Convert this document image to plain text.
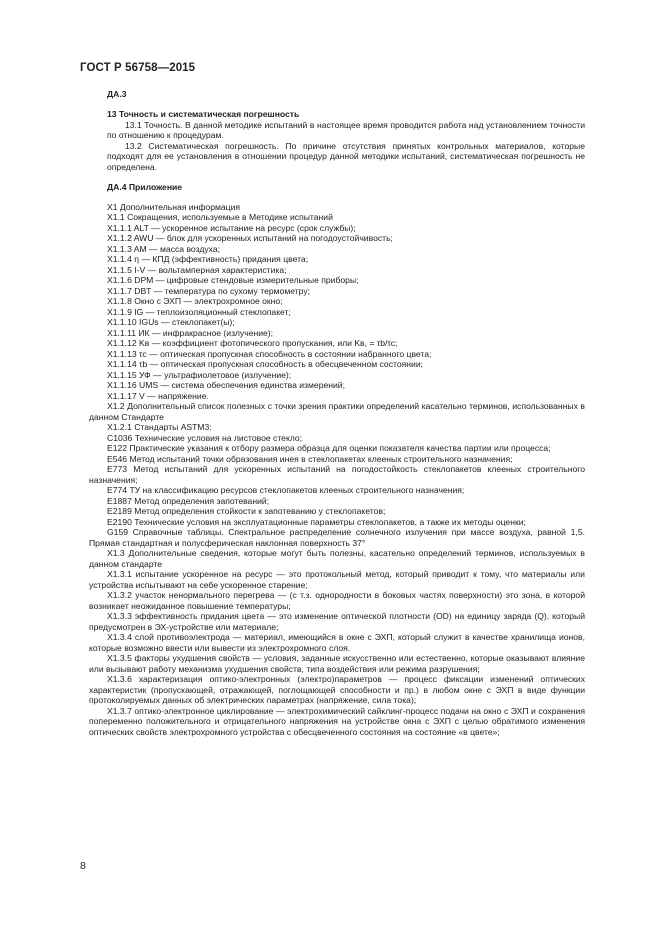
ГОСТ Р 56758—2015
ДА.3

13 Точность и систематическая погрешность

13.1 Точность. В данной методике испытаний в настоящее время проводится работа над установлением точности по отношению к процедурам.

13.2 Систематическая погрешность. По причине отсутствия принятых контрольных материалов, которые подходят для ее установления в отношении процедур данной методики испытаний, систематическая погрешность не определена.

ДА.4 Приложение

X1 Дополнительная информация

X1.1 Сокращения, используемые в Методике испытаний

X1.1.1 ALT — ускоренное испытание на ресурс (срок службы);

X1.1.2 AWU — блок для ускоренных испытаний на погодоустойчивость;

X1.1.3 AM — масса воздуха;

X1.1.4 η — КПД (эффективность) придания цвета;

X1.1.5 I-V — вольтамперная характеристика;

X1.1.6 DPM — цифровые стендовые измерительные приборы;

X1.1.7 DBT — температура по сухому термометру;

X1.1.8 Окно с ЭХП — электрохромное окно;

X1.1.9 IG — теплоизоляционный стеклопакет;

X1.1.10 IGUs — стеклопакет(ы);

X1.1.11 ИК — инфракрасное (излучение);

X1.1.12 Kв — коэффициент фотопического пропускания, или Kв, = τb/τc;

X1.1.13 τc — оптическая пропускная способность в состоянии набранного цвета;

X1.1.14 τb — оптическая пропускная способность в обесцвеченном состоянии;

X1.1.15 УФ — ультрафиолетовое (излучение);

X1.1.16 UMS — система обеспечения единства измерений;

X1.1.17 V — напряжение.

X1.2 Дополнительный список полезных с точки зрения практики определений касательно терминов, использованных в данном Стандарте

X1.2.1 Стандарты ASTM3:

C1036 Технические условия на листовое стекло;

E122 Практические указания к отбору размера образца для оценки показателя качества партии или процесса;

E546 Метод испытаний точки образования инея в стеклопакетах клееных строительного назначения;

E773 Метод испытаний для ускоренных испытаний на погодостойкость стеклопакетов клееных строительного назначения;

E774 ТУ на классификацию ресурсов стеклопакетов клееных строительного назначения;

E1887 Метод определения запотеваний;

E2189 Метод определения стойкости к запотеванию у стеклопакетов;

E2190 Технические условия на эксплуатационные параметры стеклопакетов, а также их методы оценки;

G159 Справочные таблицы. Спектральное распределение солнечного излучения при массе воздуха, равной 1,5. Прямая стандартная и полусферическая наклонная поверхность 37°

X1.3 Дополнительные сведения, которые могут быть полезны, касательно определений терминов, используемых в данном стандарте

X1.3.1 испытание ускоренное на ресурс — это протокольный метод, который приводит к тому, что материалы или устройства испытывают на себе ускоренное старение;

X1.3.2 участок ненормального перегрева — (с т.з. однородности в боковых частях поверхности) это зона, в которой возникает неожиданное повышение температуры;

X1.3.3 эффективность придания цвета — это изменение оптической плотности (OD) на единицу заряда (Q), который предусмотрен в ЭХ-устройстве или материале;

X1.3.4 слой противоэлектрода — материал, имеющийся в окне с ЭХП, который служит в качестве хранилища ионов, которые возможно ввести или вывести из электрохромного слоя.

X1.3.5 факторы ухудшения свойств — условия, заданные искусственно или естественно, которые оказывают влияние или вызывают работу механизма ухудшения свойств, типа воздействия или режима разрушения;

X1.3.6 характеризация оптико-электронных (электро)параметров — процесс фиксации изменений оптических характеристик (пропускающей, отражающей, поглощающей способности и пр.) в любом окне с ЭХП в виде функции протоколируемых данных об электрических параметрах (напряжение, сила тока);

X1.3.7 оптико-электронное циклирование — электрохимический сайклинг-процесс подачи на окно с ЭХП и сохранения попеременно положительного и отрицательного напряжения на устройстве окна с ЭХП с целью обратимого изменения оптических свойств электрохромного устройства с обесцвеченного состояния на состояние «в цвете»;

8
